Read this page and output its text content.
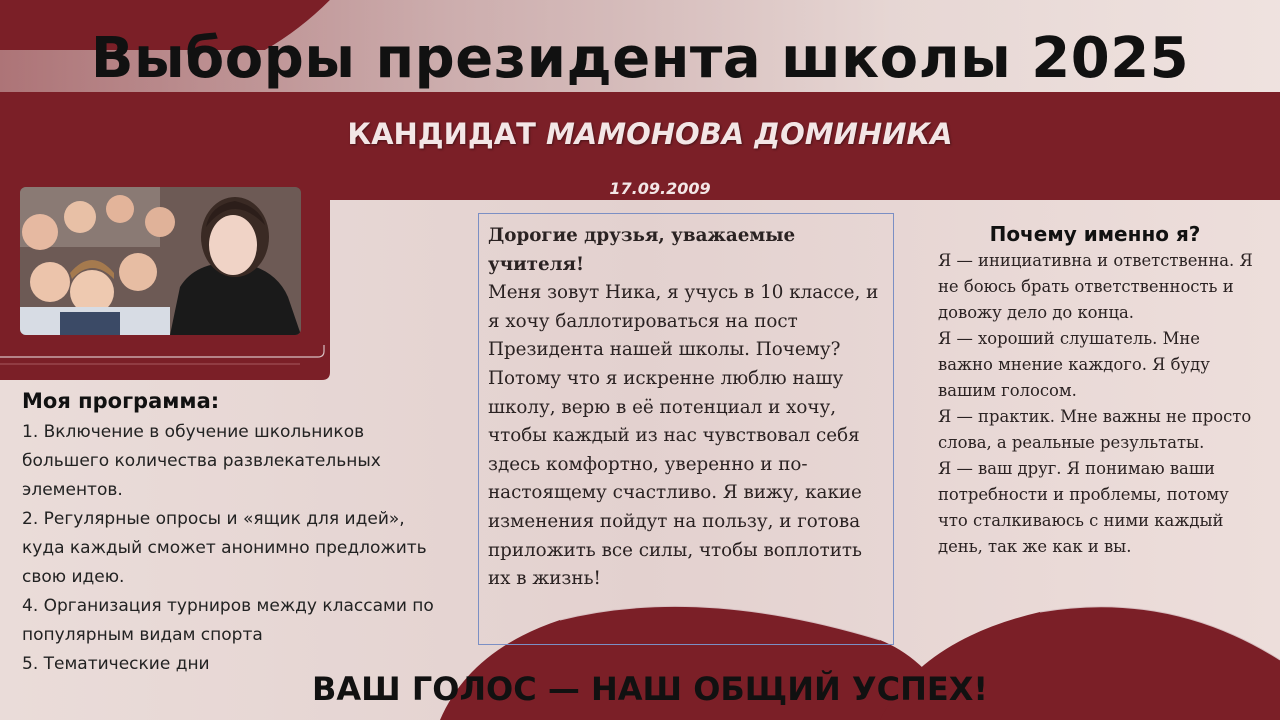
Выборы президента школы 2025
КАНДИДАТ МАМОНОВА ДОМИНИКА
17.09.2009
Моя программа:

1. Включение в обучение школьников большего количества развлекательных элементов.

2. Регулярные опросы и «ящик для идей», куда каждый сможет анонимно предложить свою идею.

4. Организация турниров между классами по популярным видам спорта

5. Тематические дни

Дорогие друзья, уважаемые учителя!
Меня зовут Ника, я учусь в 10 классе, и я хочу баллотироваться на пост Президента нашей школы. Почему? Потому что я искренне люблю нашу школу, верю в её потенциал и хочу, чтобы каждый из нас чувствовал себя здесь комфортно, уверенно и по-настоящему счастливо. Я вижу, какие изменения пойдут на пользу, и готова приложить все силы, чтобы воплотить их в жизнь!
Почему именно я?

Я — инициативна и ответственна. Я не боюсь брать ответственность и довожу дело до конца.

Я — хороший слушатель. Мне важно мнение каждого. Я буду вашим голосом.

Я — практик. Мне важны не просто слова, а реальные результаты.

Я — ваш друг. Я понимаю ваши потребности и проблемы, потому что сталкиваюсь с ними каждый день, так же как и вы.

ВАШ ГОЛОС — НАШ ОБЩИЙ УСПЕХ!
